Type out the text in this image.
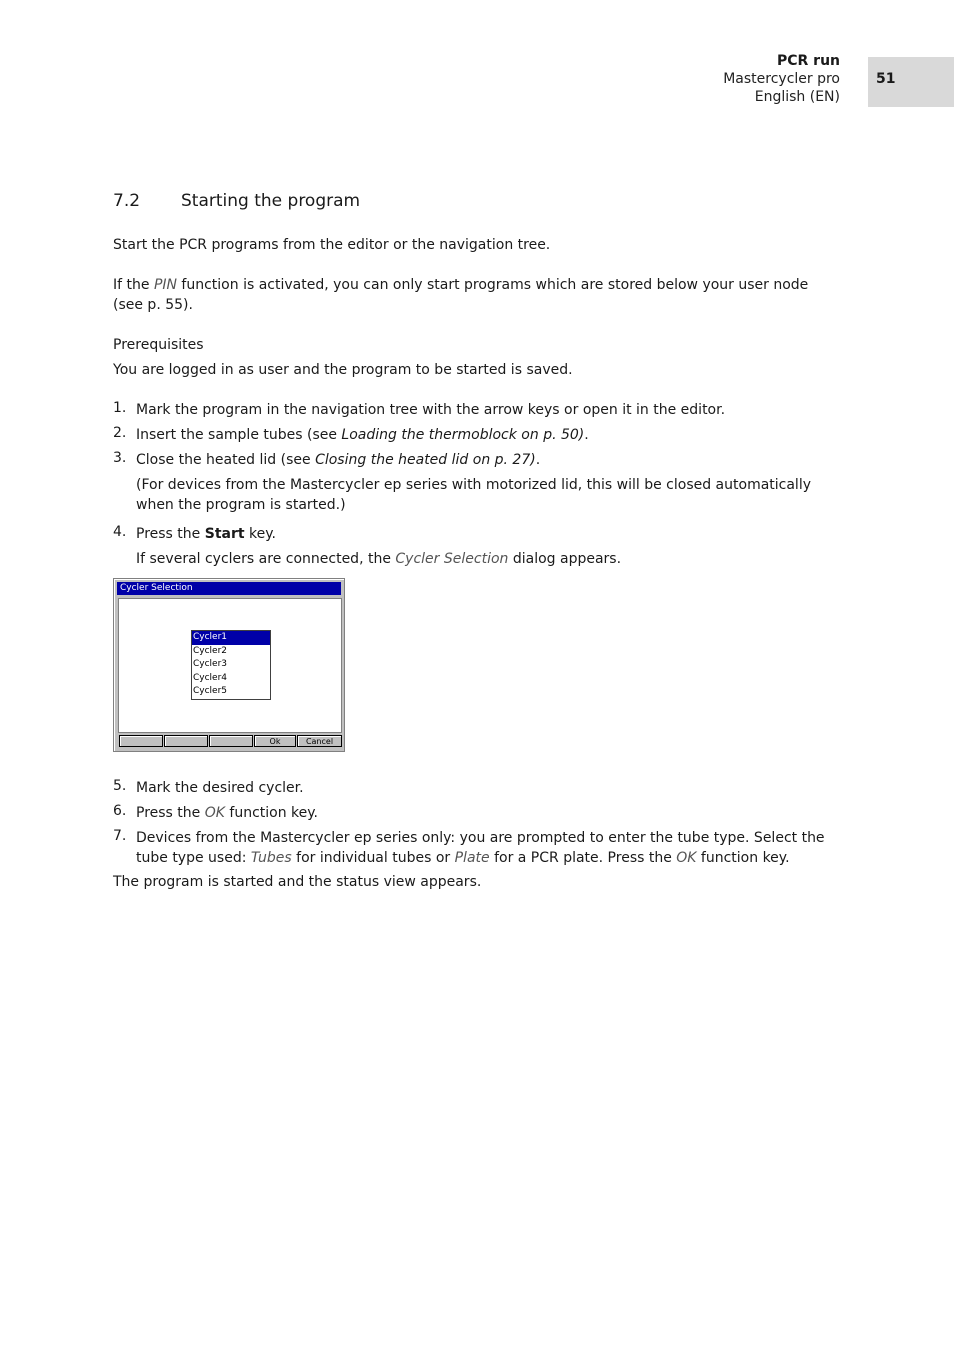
PCR run
Mastercycler pro
English (EN)
51
7.2 Starting the program

Start the PCR programs from the editor or the navigation tree.

If the PIN function is activated, you can only start programs which are stored below your user node (see p. 55).

Prerequisites

You are logged in as user and the program to be started is saved.

1. Mark the program in the navigation tree with the arrow keys or open it in the editor.

2. Insert the sample tubes (see Loading the thermoblock on p. 50).

3. Close the heated lid (see Closing the heated lid on p. 27).

(For devices from the Mastercycler ep series with motorized lid, this will be closed automatically when the program is started.)

4. Press the Start key.

If several cyclers are connected, the Cycler Selection dialog appears.

Cycler Selection
Cycler1
Cycler2
Cycler3
Cycler4
Cycler5
Ok	Cancel
5. Mark the desired cycler.

6. Press the OK function key.

7. Devices from the Mastercycler ep series only: you are prompted to enter the tube type. Select the tube type used: Tubes for individual tubes or Plate for a PCR plate. Press the OK function key.

The program is started and the status view appears.
